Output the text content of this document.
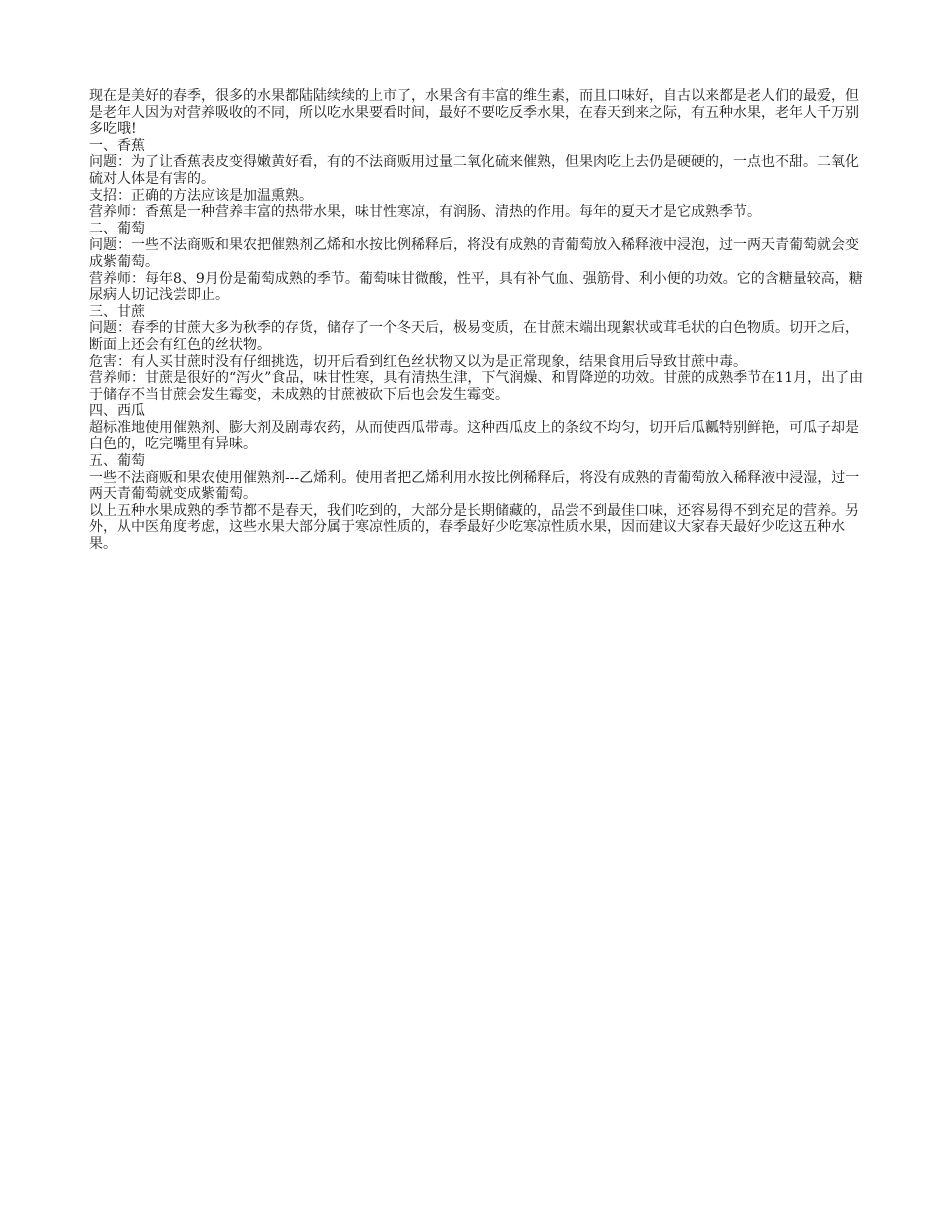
现在是美好的春季，很多的水果都陆陆续续的上市了，水果含有丰富的维生素，而且口味好，自古以来都是老人们的最爱，但是老年人因为对营养吸收的不同，所以吃水果要看时间，最好不要吃反季水果，在春天到来之际，有五种水果，老年人千万别多吃哦!

一、香蕉

问题：为了让香蕉表皮变得嫩黄好看，有的不法商贩用过量二氧化硫来催熟，但果肉吃上去仍是硬硬的，一点也不甜。二氧化硫对人体是有害的。

支招：正确的方法应该是加温熏熟。

营养师：香蕉是一种营养丰富的热带水果，味甘性寒凉，有润肠、清热的作用。每年的夏天才是它成熟季节。

二、葡萄

问题：一些不法商贩和果农把催熟剂乙烯和水按比例稀释后，将没有成熟的青葡萄放入稀释液中浸泡，过一两天青葡萄就会变成紫葡萄。

营养师：每年8、9月份是葡萄成熟的季节。葡萄味甘微酸，性平，具有补气血、强筋骨、利小便的功效。它的含糖量较高，糖尿病人切记浅尝即止。

三、甘蔗

问题：春季的甘蔗大多为秋季的存货，储存了一个冬天后，极易变质，在甘蔗末端出现絮状或茸毛状的白色物质。切开之后，断面上还会有红色的丝状物。

危害：有人买甘蔗时没有仔细挑选，切开后看到红色丝状物又以为是正常现象，结果食用后导致甘蔗中毒。

营养师：甘蔗是很好的“泻火”食品，味甘性寒，具有清热生津，下气润燥、和胃降逆的功效。甘蔗的成熟季节在11月，出了由于储存不当甘蔗会发生霉变，未成熟的甘蔗被砍下后也会发生霉变。

四、西瓜

超标准地使用催熟剂、膨大剂及剧毒农药，从而使西瓜带毒。这种西瓜皮上的条纹不均匀，切开后瓜瓤特别鲜艳，可瓜子却是白色的，吃完嘴里有异味。

五、葡萄

一些不法商贩和果农使用催熟剂---乙烯利。使用者把乙烯利用水按比例稀释后，将没有成熟的青葡萄放入稀释液中浸湿，过一两天青葡萄就变成紫葡萄。

以上五种水果成熟的季节都不是春天，我们吃到的，大部分是长期储藏的，品尝不到最佳口味，还容易得不到充足的营养。另外，从中医角度考虑，这些水果大部分属于寒凉性质的，春季最好少吃寒凉性质水果，因而建议大家春天最好少吃这五种水果。
